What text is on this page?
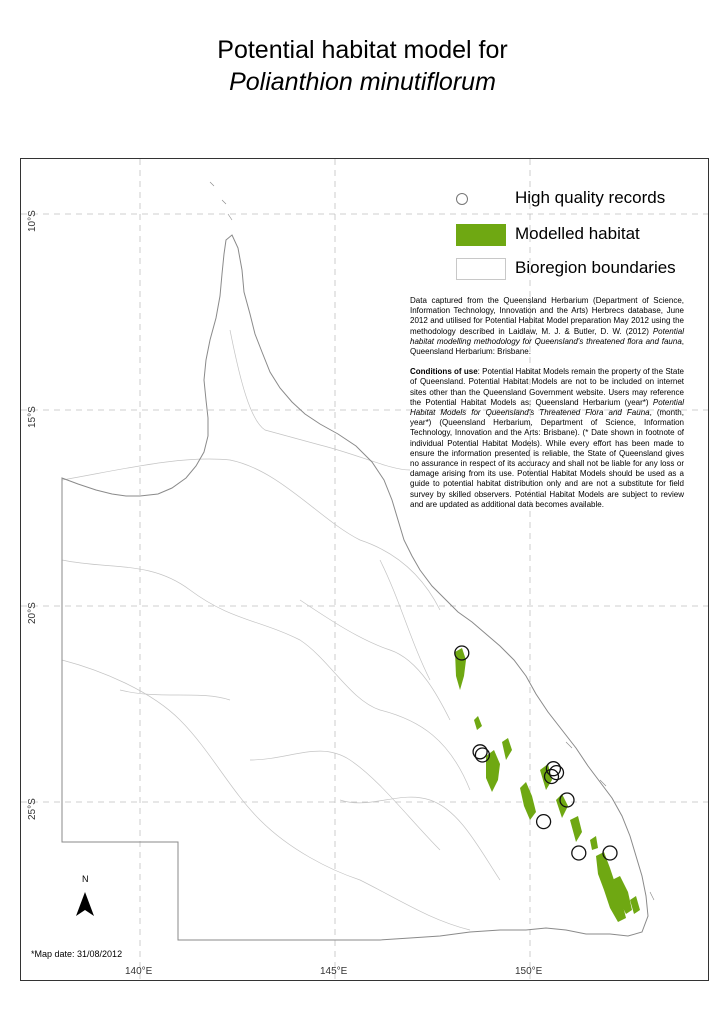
Potential habitat model for
Polianthion minutiflorum
10°S
15°S
20°S
25°S
140°E	145°E	150°E
High quality records
Modelled habitat
Bioregion boundaries

Data captured from the Queensland Herbarium (Department of Science, Information Technology, Innovation and the Arts) Herbrecs database, June 2012 and utilised for Potential Habitat Model preparation May 2012 using the methodology described in Laidlaw, M. J. & Butler, D. W. (2012) Potential habitat modelling methodology for Queensland's threatened flora and fauna, Queensland Herbarium: Brisbane.

Conditions of use: Potential Habitat Models remain the property of the State of Queensland. Potential Habitat Models are not to be included on internet sites other than the Queensland Government website. Users may reference the Potential Habitat Models as: Queensland Herbarium (year*) Potential Habitat Models for Queensland's Threatened Flora and Fauna, (month, year*) (Queensland Herbarium, Department of Science, Information Technology, Innovation and the Arts: Brisbane). (* Date shown in footnote of individual Potential Habitat Models). While every effort has been made to ensure the information presented is reliable, the State of Queensland gives no assurance in respect of its accuracy and shall not be liable for any loss or damage arising from its use. Potential Habitat Models should be used as a guide to potential habitat distribution only and are not a substitute for field survey by skilled observers. Potential Habitat Models are subject to review and are updated as additional data becomes available.

N
*Map date: 31/08/2012
